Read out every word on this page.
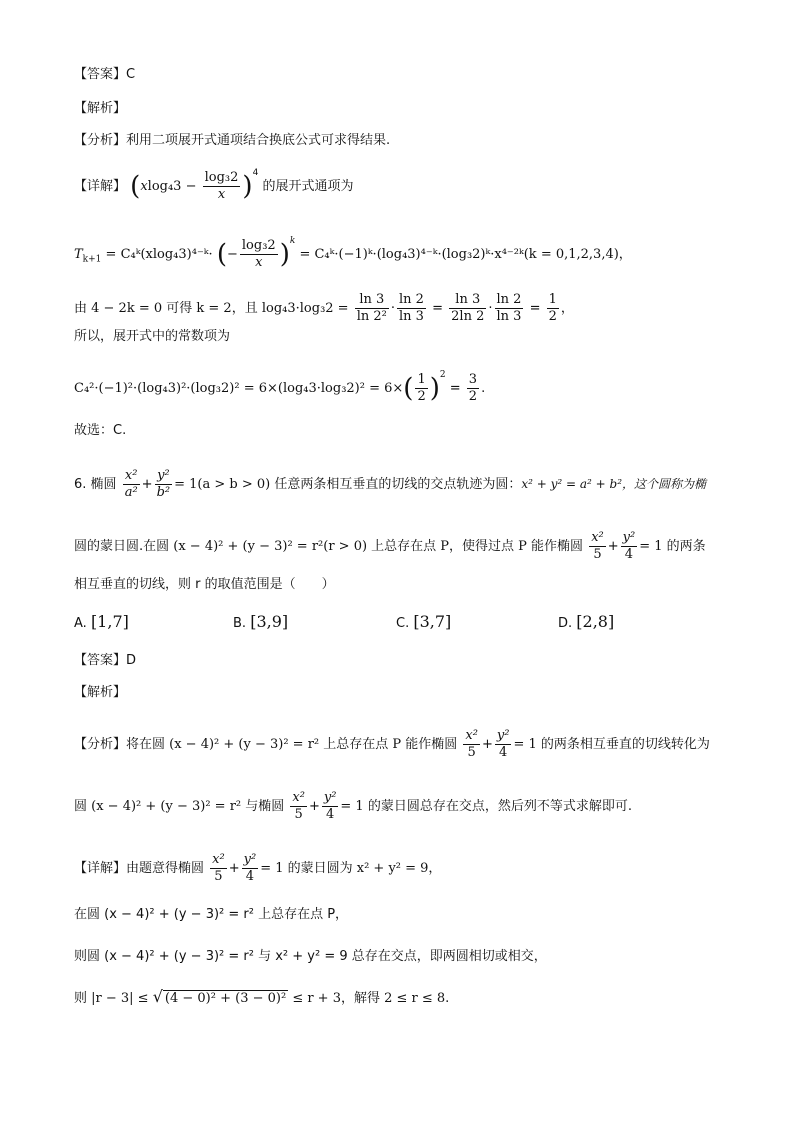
【答案】C
【解析】
【分析】利用二项展开式通项结合换底公式可求得结果.
【详解】 $(xlog_43 - \frac{\text{log₃2}}{x} )^4$ 的展开式通项为
$T_{k+1}$ = C₄ᵏ(xlog₄3)⁴⁻ᵏ· (− $\frac{\text{log₃2}}{x} )^k$ = C₄ᵏ·(−1)ᵏ·(log₄3)⁴⁻ᵏ·(log₃2)ᵏ·x⁴⁻²ᵏ(k = 0,1,2,3,4)，
由 4 − 2k = 0 可得 k = 2，且 $\log_43\cdot\log_32 = \frac{\ln 3}{\text{ln 2²}} \cdot \frac{\ln 2}{\ln 3} = \frac{\ln 3}{2\ln 2} \cdot \frac{\ln 2}{\ln 3} = \frac{1}{2}$ ，
所以，展开式中的常数项为
$C_4^2\cdot(-1)^2\cdot(\log_43)^2\cdot(\log_32)^2 = 6\times(\log_43\cdot\log_32)^2 = 6\times( \frac{1}{2} )^2 = \frac{3}{2}$ .
故选：C.
6. 椭圆 $\frac{\text{x²}}{\text{a²}} + \frac{\text{y²}}{\text{b²}} = 1(a > b > 0)$ 任意两条相互垂直的切线的交点轨迹为圆：x² + y² = a² + b²，这个圆称为椭
圆的蒙日圆.在圆 (x − 4)² + (y − 3)² = r²(r > 0) 上总存在点 P，使得过点 P 能作椭圆 $\frac{\text{x²}}{5} + \frac{\text{y²}}{4} = 1$ 的两条
相互垂直的切线，则 r 的取值范围是（　　）
A. [1,7]	B. [3,9]	C. [3,7]	D. [2,8]
【答案】D
【解析】
【分析】将在圆 (x − 4)² + (y − 3)² = r² 上总存在点 P 能作椭圆 $\frac{\text{x²}}{5} + \frac{\text{y²}}{4} = 1$ 的两条相互垂直的切线转化为
圆 (x − 4)² + (y − 3)² = r² 与椭圆 $\frac{\text{x²}}{5} + \frac{\text{y²}}{4} = 1$ 的蒙日圆总存在交点，然后列不等式求解即可.
【详解】由题意得椭圆 $\frac{\text{x²}}{5} + \frac{\text{y²}}{4} = 1$ 的蒙日圆为 x² + y² = 9，
在圆 (x − 4)² + (y − 3)² = r² 上总存在点 P，
则圆 (x − 4)² + (y − 3)² = r² 与 x² + y² = 9 总存在交点，即两圆相切或相交，
则 |r − 3| ≤ √ (4 − 0)² + (3 − 0)² ≤ r + 3，解得 2 ≤ r ≤ 8.
